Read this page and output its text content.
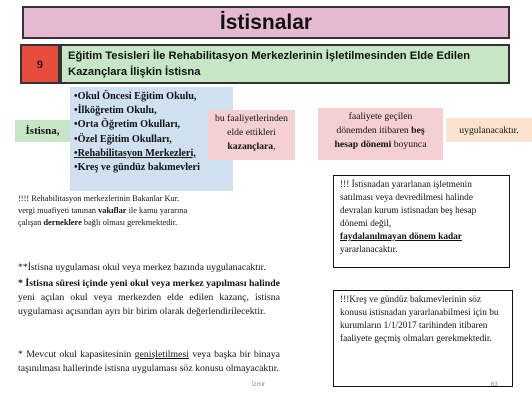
İstisnalar
9
Eğitim Tesisleri İle Rehabilitasyon Merkezlerinin İşletilmesinden Elde Edilen Kazançlara İlişkin İstisna
İstisna,
•Okul Öncesi Eğitim Okulu,
•İlköğretim Okulu,
•Orta Öğretim Okulları,
•Özel Eğitim Okulları,
•Rehabilitasyon Merkezleri,
•Kreş ve gündüz bakımevleri
bu faaliyetlerinden
elde ettikleri
kazançlara,
faaliyete geçilen
dönemden itibaren beş
hesap dönemi boyunca
uygulanacaktır.
!!!! Rehabilitasyon merkezlerinin Bakanlar Kur. vergi muafiyeti tanınan vakıflar ile kamu yararına çalışan derneklere bağlı olması gerekmektedir.
!!! İstisnadan yararlanan işletmenin satılması veya devredilmesi halinde devralan kurum istisnadan beş hesap dönemi değil,
faydalanılmayan dönem kadar
yararlanacaktır.
**İstisna uygulaması okul veya merkez bazında uygulanacaktır.
* İstisna süresi içinde yeni okul veya merkez yapılması halinde yeni açılan okul veya merkezden elde edilen kazanç, istisna uygulaması açısından ayrı bir birim olarak değerlendirilecektir.
* Mevcut okul kapasitesinin genişletilmesi veya başka bir binaya taşınılması hallerinde istisna uygulaması söz konusu olmayacaktır.
!!!Kreş ve gündüz bakımevlerinin söz konusu istisnadan yararlanabilmesi için bu kurumların 1/1/2017 tarihinden itibaren faaliyete geçmiş olmaları gerekmektedir.
İzmir	63
